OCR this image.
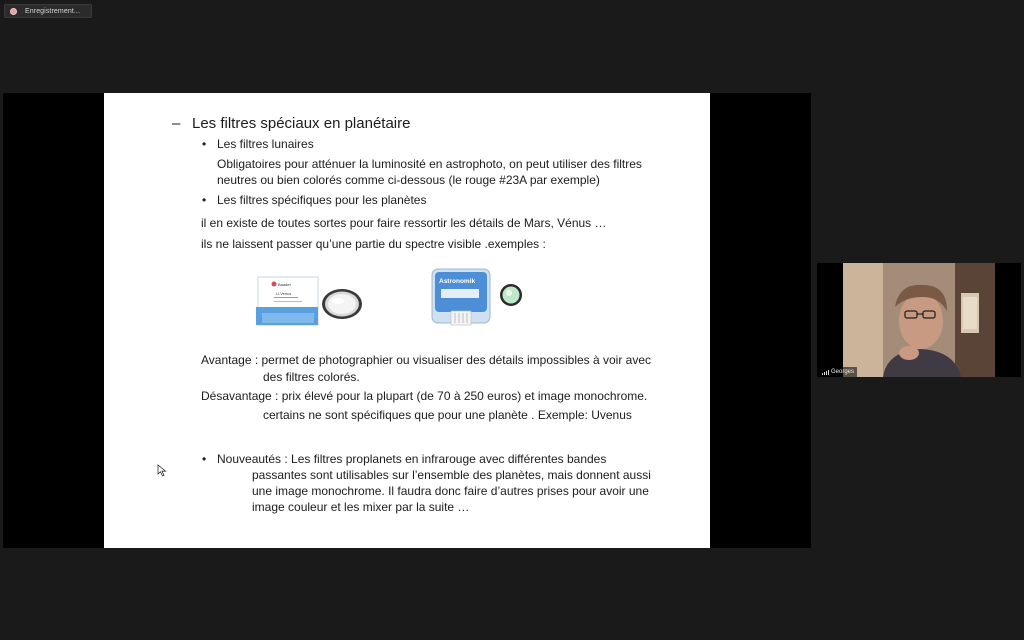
Enregistrement...
– Les filtres spéciaux en planétaire
• Les filtres lunaires
Obligatoires pour atténuer la luminosité en astrophoto, on peut utiliser des filtres
neutres ou bien colorés comme ci-dessous (le rouge #23A par exemple)
• Les filtres spécifiques pour les planètes
il en existe de toutes sortes pour faire ressortir les détails de Mars, Vénus …
ils ne laissent passer qu’une partie du spectre visible .exemples :
Baader
U-Venus
Astronomik
Avantage : permet de photographier ou visualiser des détails impossibles à voir avec
des filtres colorés.
Désavantage : prix élevé pour la plupart (de 70 à 250 euros) et image monochrome.
certains ne sont spécifiques que pour une planète . Exemple: Uvenus
• Nouveautés : Les filtres proplanets en infrarouge avec différentes bandes
passantes sont utilisables sur l’ensemble des planètes, mais donnent aussi
une image monochrome. Il faudra donc faire d’autres prises pour avoir une
image couleur et les mixer par la suite …
Georges
